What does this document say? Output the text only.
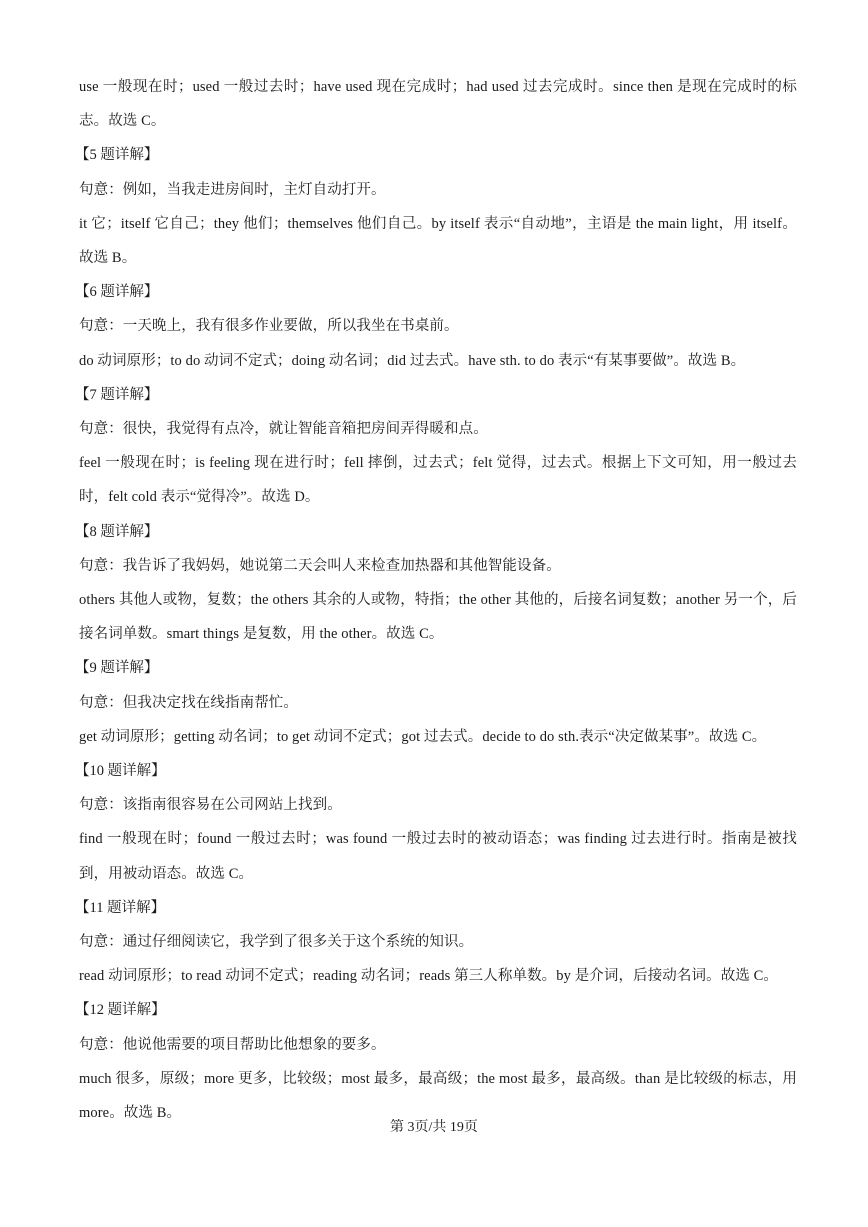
use 一般现在时；used 一般过去时；have used 现在完成时；had used 过去完成时。since then 是现在完成时的标志。故选 C。
【5 题详解】
句意：例如，当我走进房间时，主灯自动打开。
it 它；itself 它自己；they 他们；themselves 他们自己。by itself 表示“自动地”，主语是 the main light，用 itself。故选 B。
【6 题详解】
句意：一天晚上，我有很多作业要做，所以我坐在书桌前。
do 动词原形；to do 动词不定式；doing 动名词；did 过去式。have sth. to do 表示“有某事要做”。故选 B。
【7 题详解】
句意：很快，我觉得有点冷，就让智能音箱把房间弄得暖和点。
feel 一般现在时；is feeling 现在进行时；fell 摔倒，过去式；felt 觉得，过去式。根据上下文可知，用一般过去时，felt cold 表示“觉得冷”。故选 D。
【8 题详解】
句意：我告诉了我妈妈，她说第二天会叫人来检查加热器和其他智能设备。
others 其他人或物，复数；the others 其余的人或物，特指；the other 其他的，后接名词复数；another 另一个，后接名词单数。smart things 是复数，用 the other。故选 C。
【9 题详解】
句意：但我决定找在线指南帮忙。
get 动词原形；getting 动名词；to get 动词不定式；got 过去式。decide to do sth.表示“决定做某事”。故选 C。
【10 题详解】
句意：该指南很容易在公司网站上找到。
find 一般现在时；found 一般过去时；was found 一般过去时的被动语态；was finding 过去进行时。指南是被找到，用被动语态。故选 C。
【11 题详解】
句意：通过仔细阅读它，我学到了很多关于这个系统的知识。
read 动词原形；to read 动词不定式；reading 动名词；reads 第三人称单数。by 是介词，后接动名词。故选 C。
【12 题详解】
句意：他说他需要的项目帮助比他想象的要多。
much 很多，原级；more 更多，比较级；most 最多，最高级；the most 最多，最高级。than 是比较级的标志，用 more。故选 B。
第 3页/共 19页
